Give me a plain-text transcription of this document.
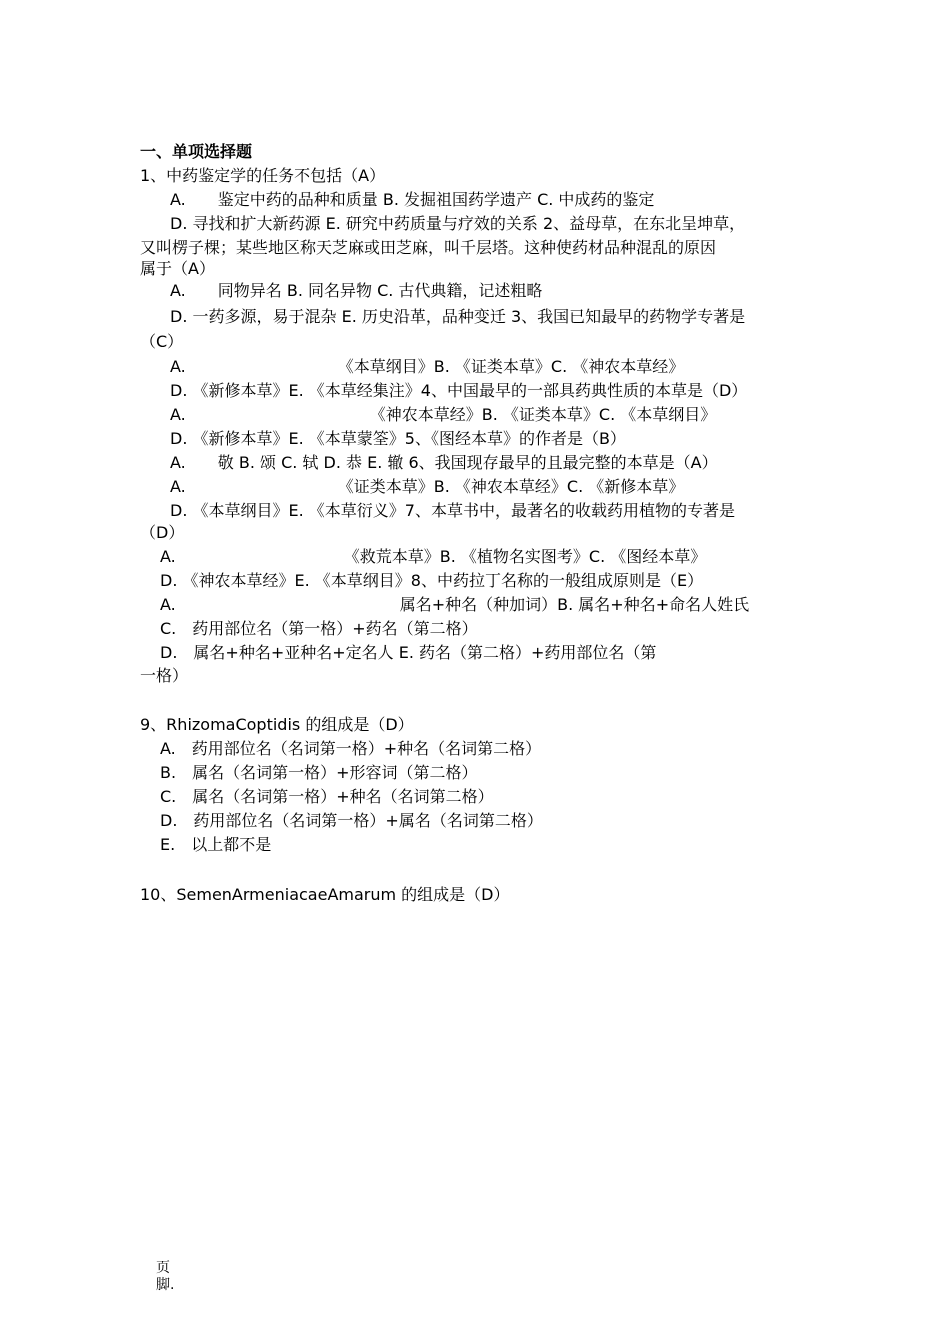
一、单项选择题
1、中药鉴定学的任务不包括（A）
A.　　鉴定中药的品种和质量 B. 发掘祖国药学遗产 C. 中成药的鉴定
D. 寻找和扩大新药源 E. 研究中药质量与疗效的关系 2、益母草，在东北呈坤草，
又叫楞子棵；某些地区称天芝麻或田芝麻，叫千层塔。这种使药材品种混乱的原因
属于（A）
A.　　同物异名 B. 同名异物 C. 古代典籍，记述粗略
D. 一药多源，易于混杂 E. 历史沿革，品种变迁 3、我国已知最早的药物学专著是
（C）
A.　　　　　　　　　　《本草纲目》B. 《证类本草》C. 《神农本草经》
D. 《新修本草》E. 《本草经集注》4、中国最早的一部具药典性质的本草是（D）
A.　　　　　　　　　　　　《神农本草经》B. 《证类本草》C. 《本草纲目》
D. 《新修本草》E. 《本草蒙筌》5、《图经本草》的作者是（B）
A.　　敬 B. 颂 C. 轼 D. 恭 E. 辙 6、我国现存最早的且最完整的本草是（A）
A.　　　　　　　　　　《证类本草》B. 《神农本草经》C. 《新修本草》
D. 《本草纲目》E. 《本草衍义》7、本草书中，最著名的收载药用植物的专著是
（D）
A.　　　　　　　　　　　《救荒本草》B. 《植物名实图考》C. 《图经本草》
D. 《神农本草经》E. 《本草纲目》8、中药拉丁名称的一般组成原则是（E）
A.　　　　　　　　　　　　　　属名+种名（种加词）B. 属名+种名+命名人姓氏
C.　药用部位名（第一格）+药名（第二格）
D.　属名+种名+亚种名+定名人 E. 药名（第二格）+药用部位名（第
一格）
9、RhizomaCoptidis 的组成是（D）
A.　药用部位名（名词第一格）+种名（名词第二格）
B.　属名（名词第一格）+形容词（第二格）
C.　属名（名词第一格）+种名（名词第二格）
D.　药用部位名（名词第一格）+属名（名词第二格）
E.　以上都不是
10、SemenArmeniacaeAmarum 的组成是（D）
页
脚.
